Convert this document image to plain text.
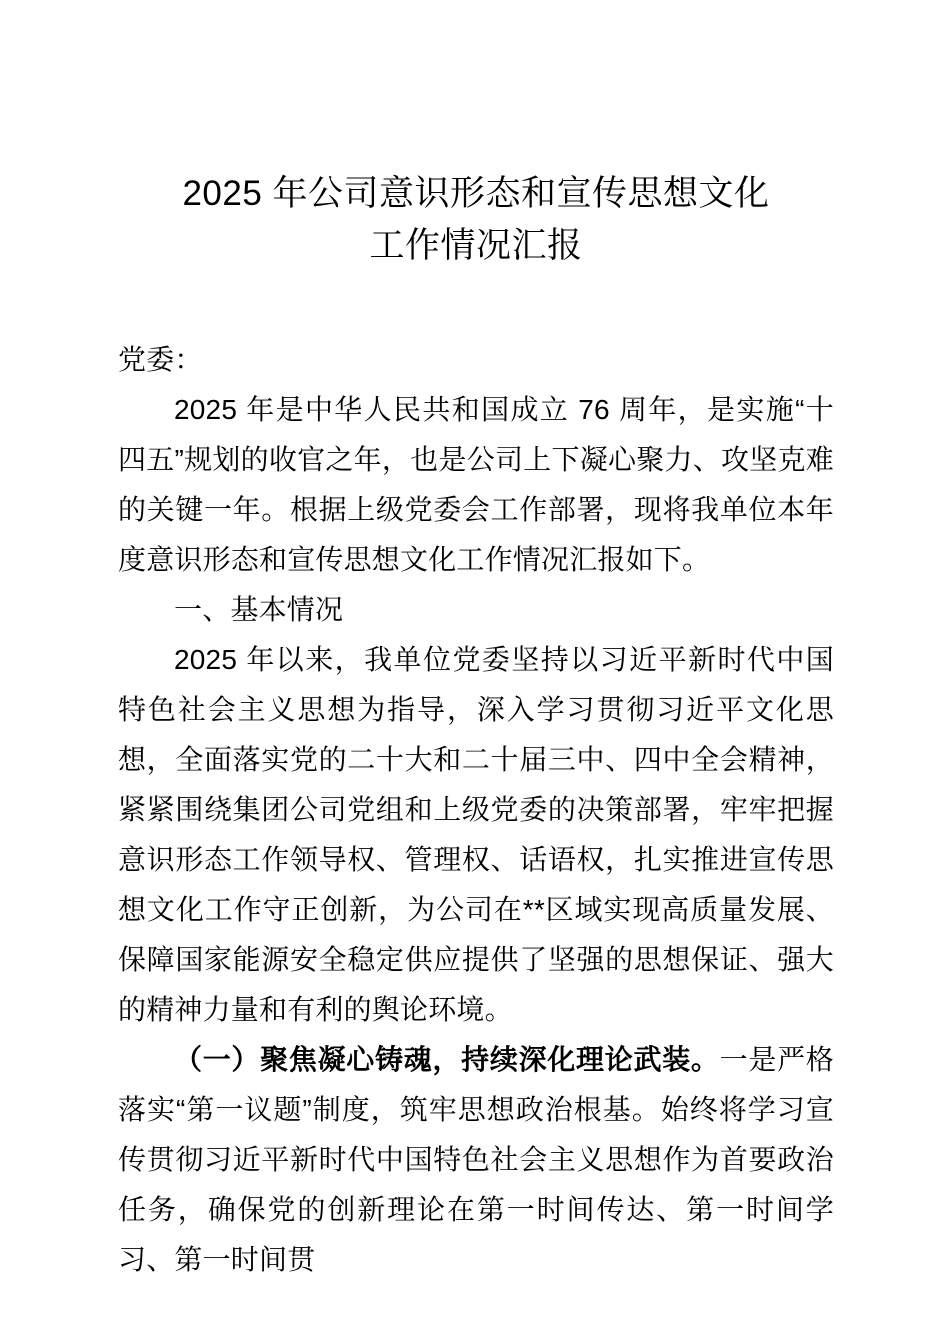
2025 年公司意识形态和宣传思想文化
工作情况汇报

党委：

2025 年是中华人民共和国成立 76 周年，是实施“十四五”规划的收官之年，也是公司上下凝心聚力、攻坚克难的关键一年。根据上级党委会工作部署，现将我单位本年度意识形态和宣传思想文化工作情况汇报如下。

一、基本情况

2025 年以来，我单位党委坚持以习近平新时代中国特色社会主义思想为指导，深入学习贯彻习近平文化思想，全面落实党的二十大和二十届三中、四中全会精神，紧紧围绕集团公司党组和上级党委的决策部署，牢牢把握意识形态工作领导权、管理权、话语权，扎实推进宣传思想文化工作守正创新，为公司在**区域实现高质量发展、保障国家能源安全稳定供应提供了坚强的思想保证、强大的精神力量和有利的舆论环境。

（一）聚焦凝心铸魂，持续深化理论武装。一是严格落实“第一议题”制度，筑牢思想政治根基。始终将学习宣传贯彻习近平新时代中国特色社会主义思想作为首要政治任务，确保党的创新理论在第一时间传达、第一时间学习、第一时间贯
